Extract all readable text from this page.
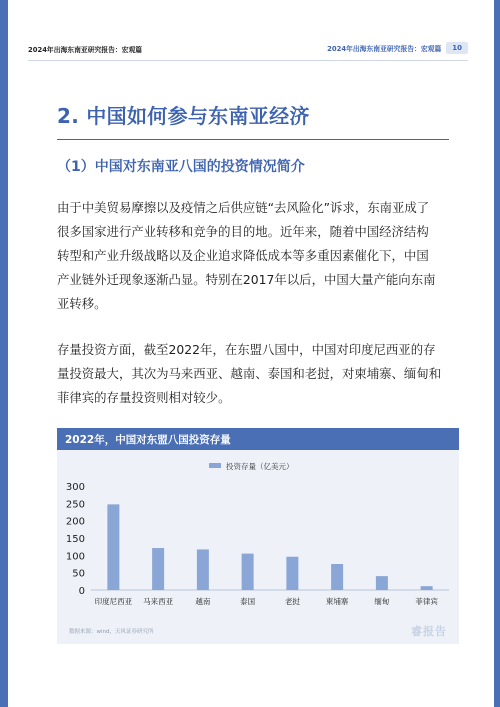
2024年出海东南亚研究报告：宏观篇	2024年出海东南亚研究报告：宏观篇	10
2. 中国如何参与东南亚经济
（1）中国对东南亚八国的投资情况简介
由于中美贸易摩擦以及疫情之后供应链“去风险化”诉求，东南亚成了
很多国家进行产业转移和竞争的目的地。近年来，随着中国经济结构
转型和产业升级战略以及企业追求降低成本等多重因素催化下，中国
产业链外迁现象逐渐凸显。特别在2017年以后，中国大量产能向东南
亚转移。
存量投资方面，截至2022年，在东盟八国中，中国对印度尼西亚的存
量投资最大，其次为马来西亚、越南、泰国和老挝，对柬埔寨、缅甸和
菲律宾的存量投资则相对较少。
2022年，中国对东盟八国投资存量
投资存量（亿美元）
0
50
100
150
200
250
300
印度尼西亚 马来西亚	越南	泰国	老挝	柬埔寨	缅甸	菲律宾
数据来源：wind，天风证券研究所	睿报告
